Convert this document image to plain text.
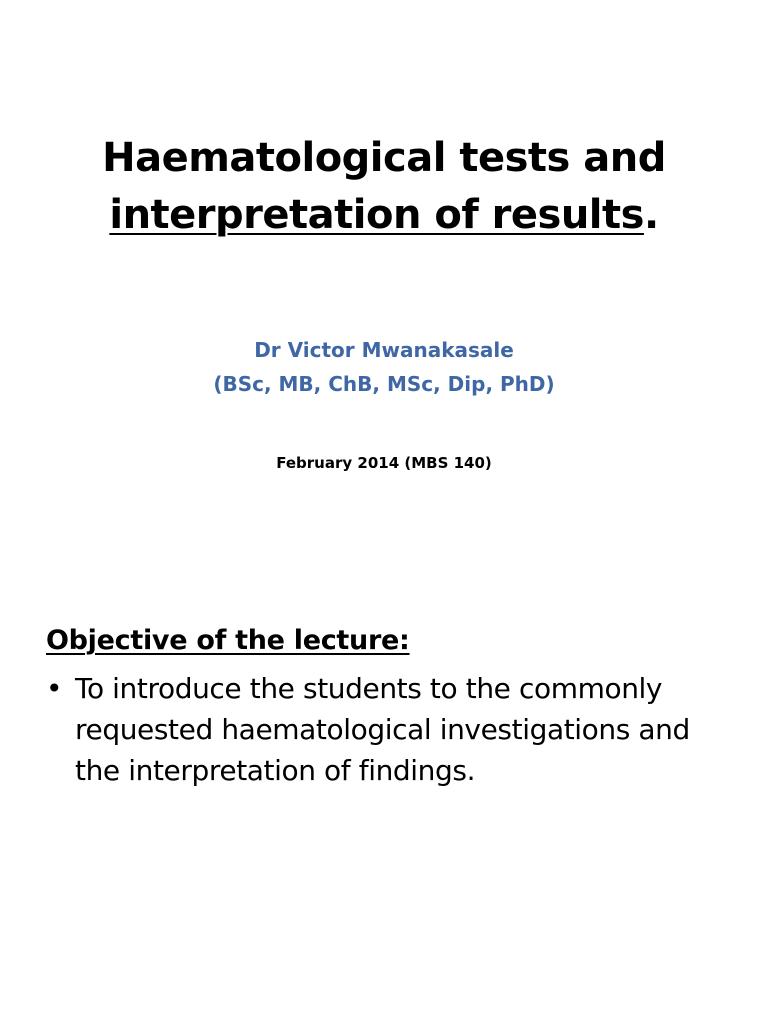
Haematological tests and
interpretation of results.
Dr Victor Mwanakasale
(BSc, MB, ChB, MSc, Dip, PhD)
February 2014 (MBS 140)
Objective of the lecture:
• To introduce the students to the commonly requested haematological investigations and the interpretation of findings.
